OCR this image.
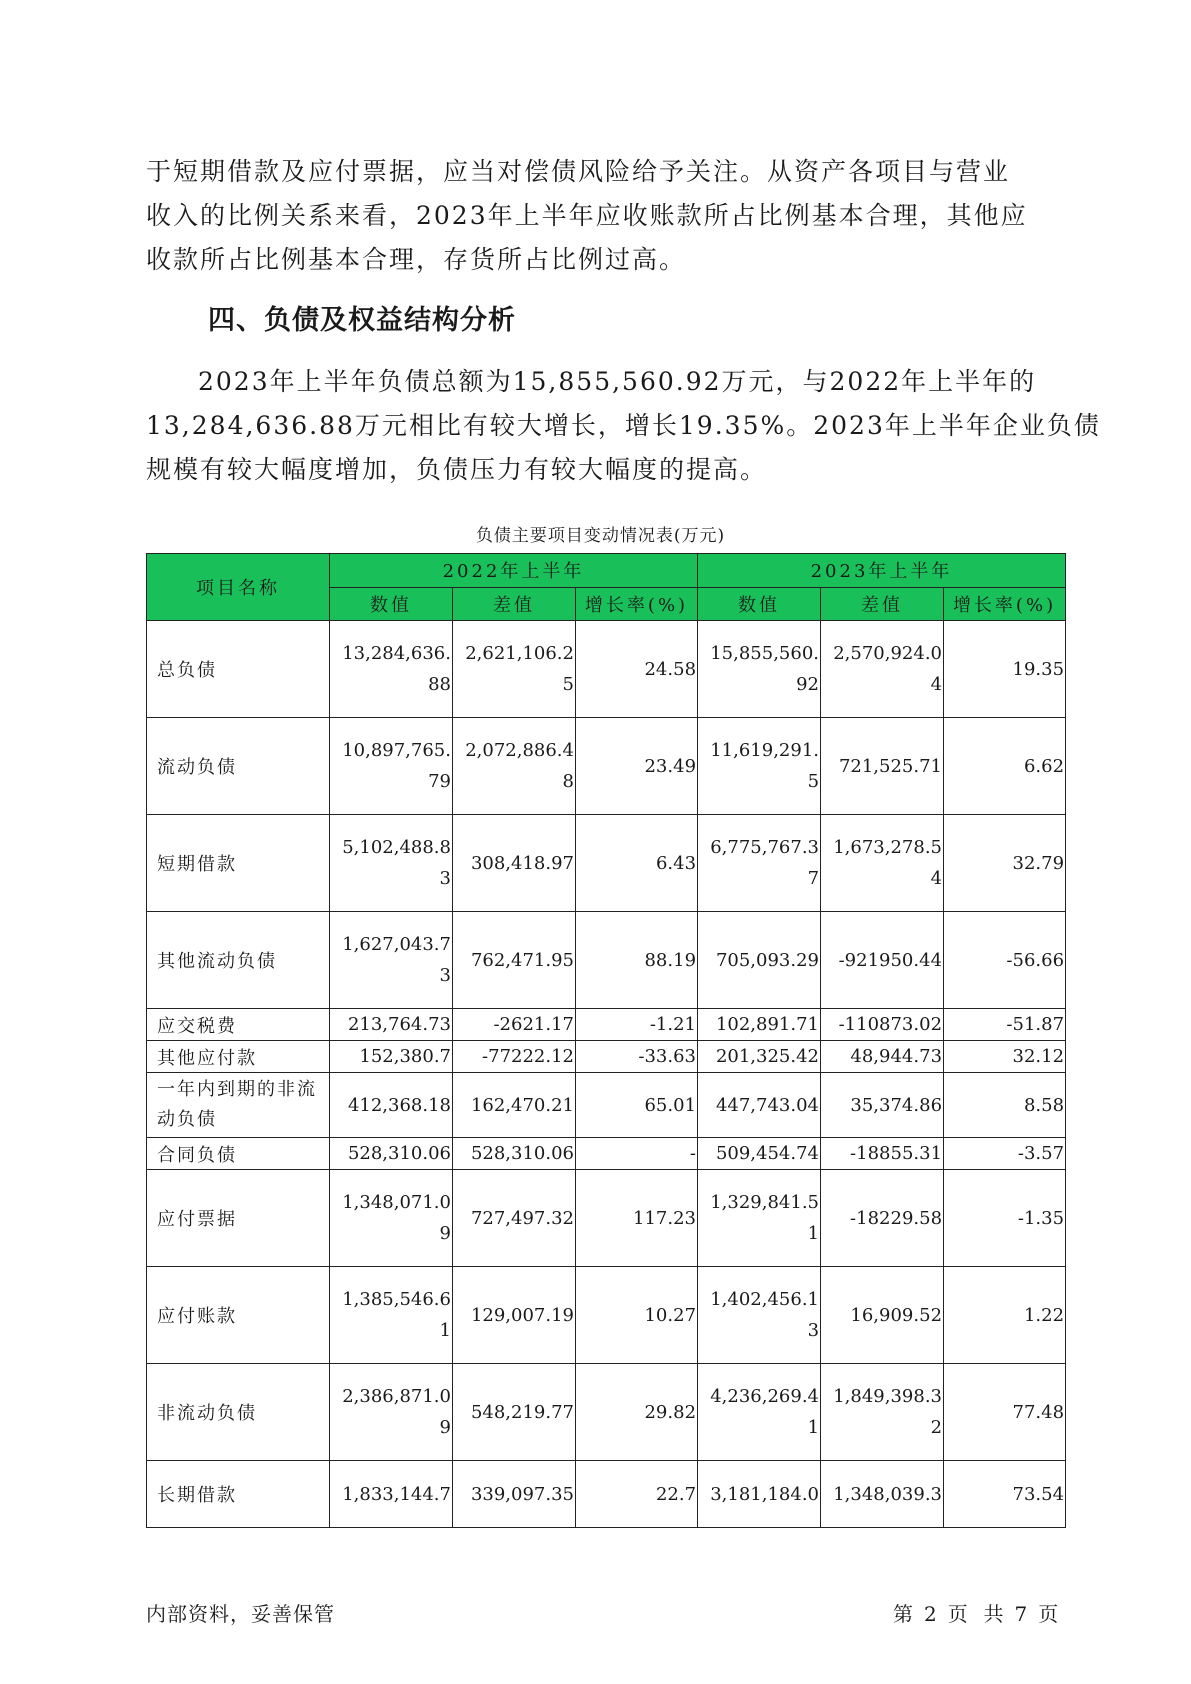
于短期借款及应付票据，应当对偿债风险给予关注。从资产各项目与营业
收入的比例关系来看，2023年上半年应收账款所占比例基本合理，其他应
收款所占比例基本合理，存货所占比例过高。
四、负债及权益结构分析
2023年上半年负债总额为15,855,560.92万元，与2022年上半年的
13,284,636.88万元相比有较大增长，增长19.35%。2023年上半年企业负债
规模有较大幅度增加，负债压力有较大幅度的提高。
负债主要项目变动情况表(万元)
项目名称	2022年上半年			2023年上半年		
	数值	差值	增长率(%)	数值	差值	增长率(%)
总负债	13,284,636.88	2,621,106.25	24.58	15,855,560.92	2,570,924.04	19.35
流动负债	10,897,765.79	2,072,886.48	23.49	11,619,291.5	721,525.71	6.62
短期借款	5,102,488.83	308,418.97	6.43	6,775,767.37	1,673,278.54	32.79
其他流动负债	1,627,043.73	762,471.95	88.19	705,093.29	-921950.44	-56.66
应交税费	213,764.73	-2621.17	-1.21	102,891.71	-110873.02	-51.87
其他应付款	152,380.7	-77222.12	-33.63	201,325.42	48,944.73	32.12
一年内到期的非流动负债	412,368.18	162,470.21	65.01	447,743.04	35,374.86	8.58
合同负债	528,310.06	528,310.06	-	509,454.74	-18855.31	-3.57
应付票据	1,348,071.09	727,497.32	117.23	1,329,841.51	-18229.58	-1.35
应付账款	1,385,546.61	129,007.19	10.27	1,402,456.13	16,909.52	1.22
非流动负债	2,386,871.09	548,219.77	29.82	4,236,269.41	1,849,398.32	77.48
长期借款	1,833,144.7	339,097.35	22.7	3,181,184.0	1,348,039.3	73.54
内部资料，妥善保管	第 2 页  共 7 页
